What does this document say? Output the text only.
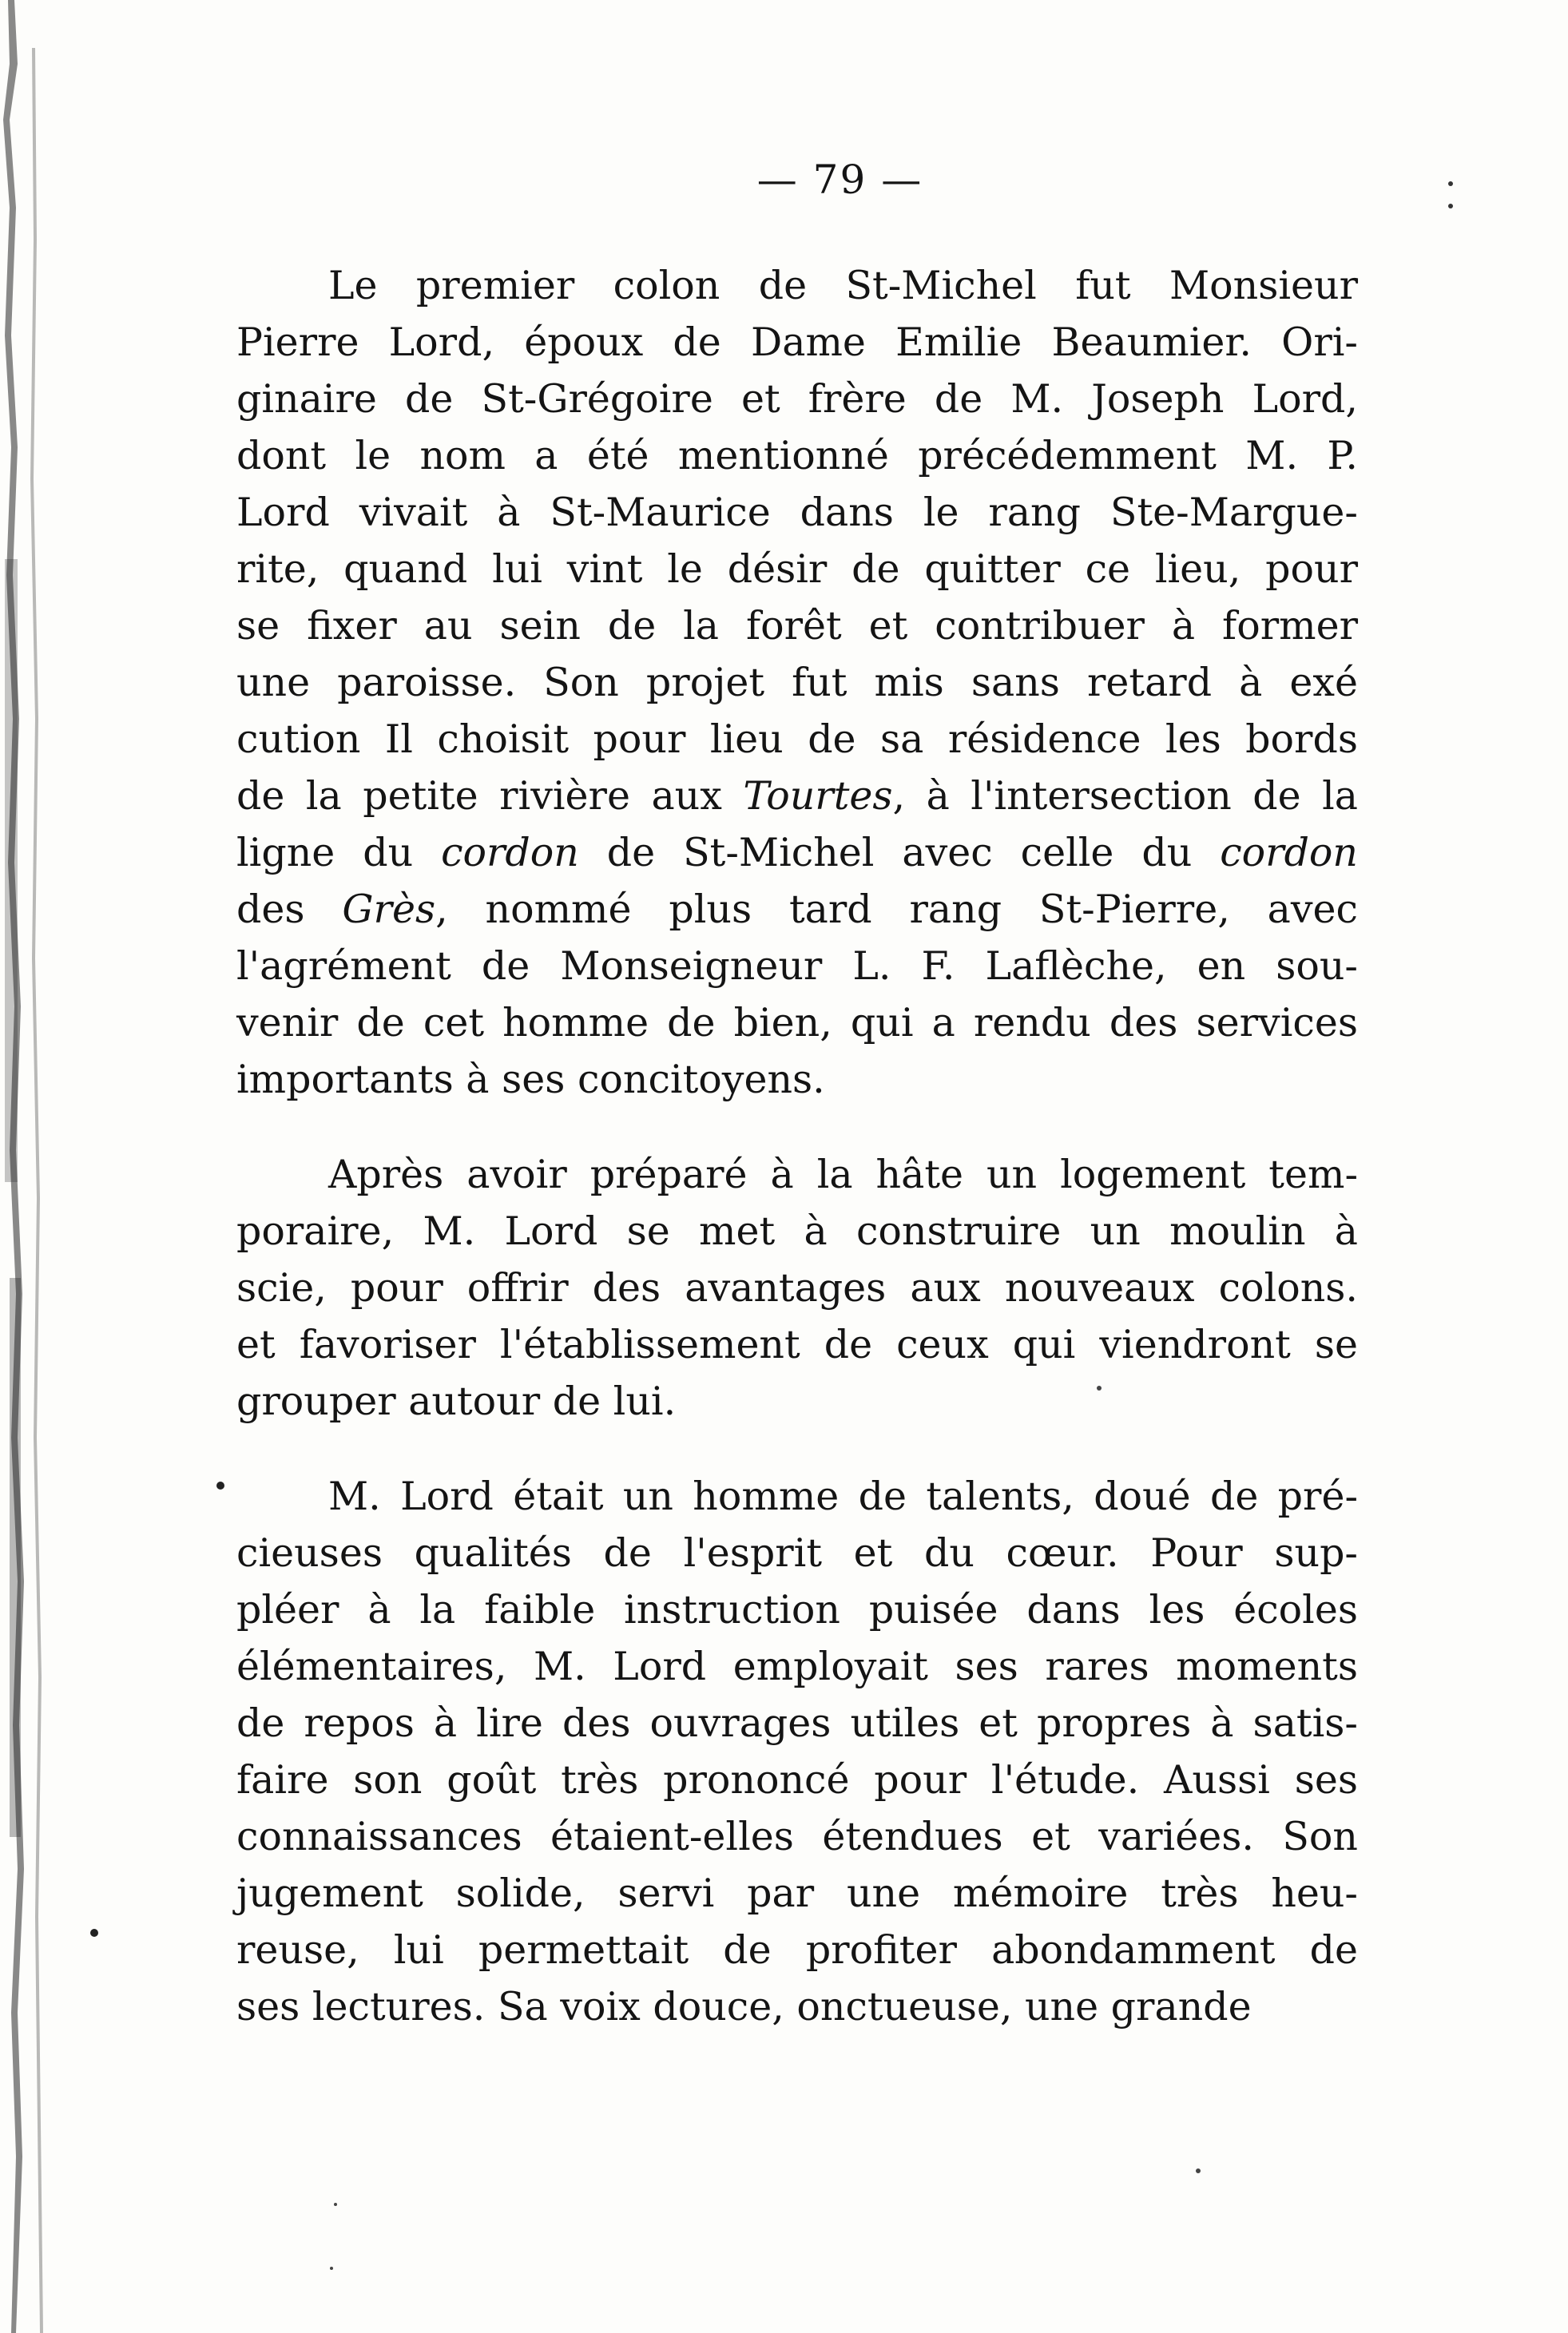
— 79 —

Le premier colon de St-Michel fut Monsieur
Pierre Lord, époux de Dame Emilie Beaumier. Ori-
ginaire de St-Grégoire et frère de M. Joseph Lord,
dont le nom a été mentionné précédemment M. P.
Lord vivait à St-Maurice dans le rang Ste-Margue-
rite, quand lui vint le désir de quitter ce lieu, pour
se fixer au sein de la forêt et contribuer à former
une paroisse. Son projet fut mis sans retard à exé
cution Il choisit pour lieu de sa résidence les bords
de la petite rivière aux Tourtes, à l'intersection de la
ligne du cordon de St-Michel avec celle du cordon
des Grès, nommé plus tard rang St-Pierre, avec
l'agrément de Monseigneur L. F. Laflèche, en sou-
venir de cet homme de bien, qui a rendu des services
importants à ses concitoyens.

Après avoir préparé à la hâte un logement tem-
poraire, M. Lord se met à construire un moulin à
scie, pour offrir des avantages aux nouveaux colons.
et favoriser l'établissement de ceux qui viendront se
grouper autour de lui.

M. Lord était un homme de talents, doué de pré-
cieuses qualités de l'esprit et du cœur. Pour sup-
pléer à la faible instruction puisée dans les écoles
élémentaires, M. Lord employait ses rares moments
de repos à lire des ouvrages utiles et propres à satis-
faire son goût très prononcé pour l'étude. Aussi ses
connaissances étaient-elles étendues et variées. Son
jugement solide, servi par une mémoire très heu-
reuse, lui permettait de profiter abondamment de
ses lectures. Sa voix douce, onctueuse, une grande
